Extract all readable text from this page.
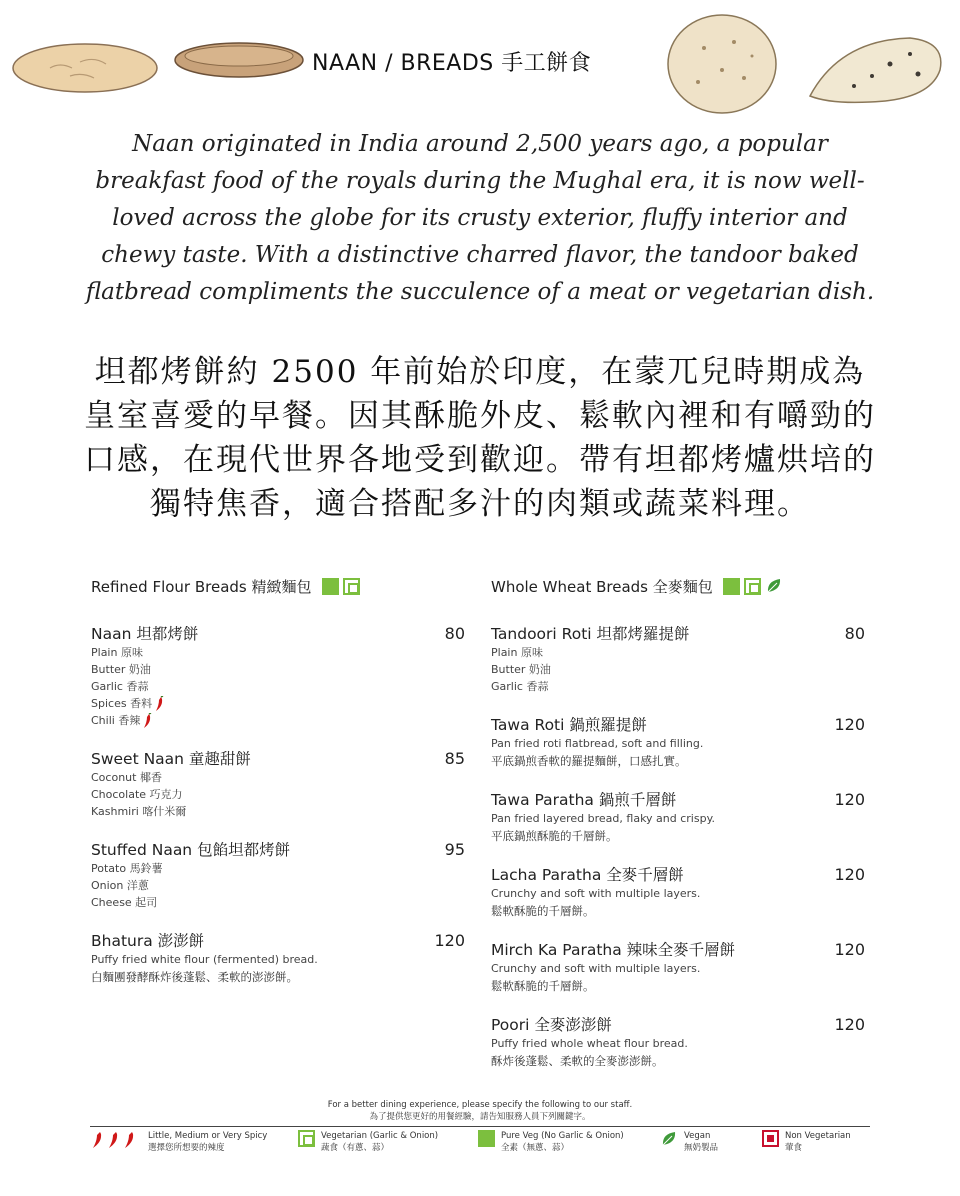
NAAN / BREADS 手工餅食
Naan originated in India around 2,500 years ago, a popular breakfast food of the royals during the Mughal era, it is now well-loved across the globe for its crusty exterior, fluffy interior and chewy taste. With a distinctive charred flavor, the tandoor baked flatbread compliments the succulence of a meat or vegetarian dish.
坦都烤餅約 2500 年前始於印度，在蒙兀兒時期成為皇室喜愛的早餐。因其酥脆外皮、鬆軟內裡和有嚼勁的口感，在現代世界各地受到歡迎。帶有坦都烤爐烘培的獨特焦香，適合搭配多汁的肉類或蔬菜料理。
Refined Flour Breads 精緻麵包
Naan 坦都烤餅	80
Plain 原味
Butter 奶油
Garlic 香蒜
Spices 香料
Chili 香辣
Sweet Naan 童趣甜餅	85
Coconut 椰香
Chocolate 巧克力
Kashmiri 喀什米爾
Stuffed Naan 包餡坦都烤餅	95
Potato 馬鈴薯
Onion 洋蔥
Cheese 起司
Bhatura 澎澎餅	120
Puffy fried white flour (fermented) bread.
白麵團發酵酥炸後蓬鬆、柔軟的澎澎餅。
Whole Wheat Breads 全麥麵包
Tandoori Roti 坦都烤羅提餅	80
Plain 原味
Butter 奶油
Garlic 香蒜
Tawa Roti 鍋煎羅提餅	120
Pan fried roti flatbread, soft and filling.
平底鍋煎香軟的羅提麵餅，口感扎實。
Tawa Paratha 鍋煎千層餅	120
Pan fried layered bread, flaky and crispy.
平底鍋煎酥脆的千層餅。
Lacha Paratha 全麥千層餅	120
Crunchy and soft with multiple layers.
鬆軟酥脆的千層餅。
Mirch Ka Paratha 辣味全麥千層餅	120
Crunchy and soft with multiple layers.
鬆軟酥脆的千層餅。
Poori 全麥澎澎餅	120
Puffy fried whole wheat flour bread.
酥炸後蓬鬆、柔軟的全麥澎澎餅。
For a better dining experience, please specify the following to our staff.
為了提供您更好的用餐經驗，請告知服務人員下列關鍵字。
Little, Medium or Very Spicy
選擇您所想要的辣度
Vegetarian (Garlic & Onion)
蔬食（有蔥、蒜）
Pure Veg (No Garlic & Onion)
全素（無蔥、蒜）
Vegan
無奶製品
Non Vegetarian
葷食
